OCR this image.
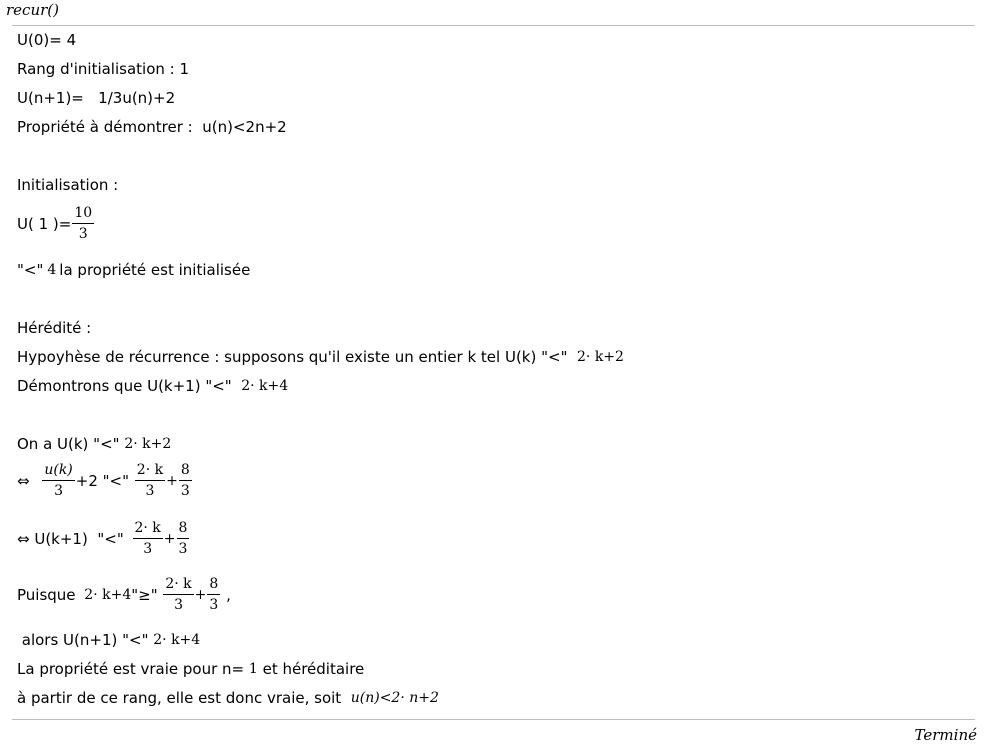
recur()
U(0)= 4
Rang d'initialisation : 1
U(n+1)=   1/3u(n)+2
Propriété à démontrer :  u(n)<2n+2
Initialisation :
U( 1 )= $\frac{10}{3}$
"<" 4 la propriété est initialisée
Hérédité :
Hypoyhèse de récurrence : supposons qu'il existe un entier k tel U(k) "<" 2· k+2
Démontrons que U(k+1) "<" 2· k+4
On a U(k) "<" 2· k+2
⇔ $\frac{u(k)}{3} +2$ "<" $\frac{2\cdot k}{3} + \frac{8}{3}$
⇔ U(k+1)  "<" $\frac{2\cdot k}{3} + \frac{8}{3}$
Puisque 2· k+4 "≥" $\frac{2\cdot k}{3} + \frac{8}{3}$ ,
alors U(n+1) "<" 2· k+4
La propriété est vraie pour n= 1 et héréditaire
à partir de ce rang, elle est donc vraie, soit u(n)<2· n+2
Terminé
